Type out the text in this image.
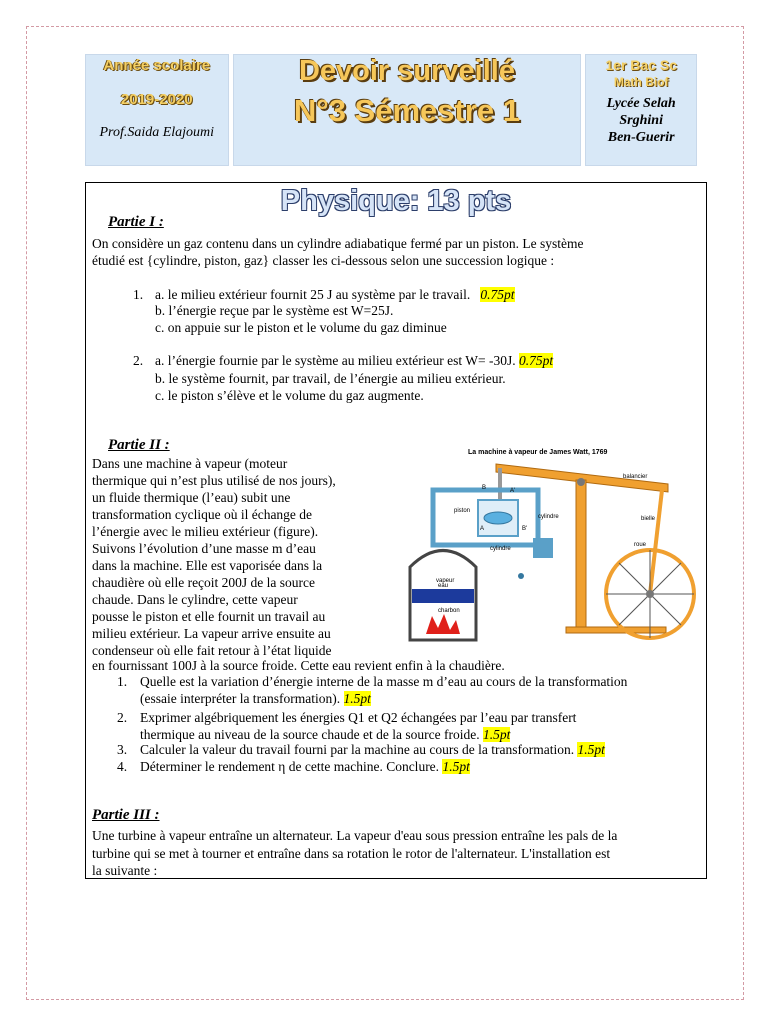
Année scolaire
2019-2020
Prof.Saida Elajoumi
Devoir surveillé
N°3 Sémestre 1
1er Bac Sc
Math Biof
Lycée Selah
Srghini
Ben-Guerir
Physique: 13 pts
Partie I :
On considère un gaz contenu dans un cylindre adiabatique fermé par un piston. Le système
étudié est {cylindre, piston, gaz} classer les ci-dessous selon une succession logique :
1. a. le milieu extérieur fournit 25 J au système par le travail. 0.75pt
b. l’énergie reçue par le système est W=25J.
c. on appuie sur le piston et le volume du gaz diminue
2. a. l’énergie fournie par le système au milieu extérieur est W= -30J. 0.75pt
b. le système fournit, par travail, de l’énergie au milieu extérieur.
c. le piston s’élève et le volume du gaz augmente.
Partie II :
Dans une machine à vapeur (moteur
thermique qui n’est plus utilisé de nos jours),
un fluide thermique (l’eau) subit une
transformation cyclique où il échange de
l’énergie avec le milieu extérieur (figure).
Suivons l’évolution d’une masse m d’eau
dans la machine. Elle est vaporisée dans la
chaudière où elle reçoit 200J de la source
chaude. Dans le cylindre, cette vapeur
pousse le piston et elle fournit un travail au
milieu extérieur. La vapeur arrive ensuite au
condenseur où elle fait retour à l’état liquide
en fournissant 100J à la source froide. Cette eau revient enfin à la chaudière.
1. Quelle est la variation d’énergie interne de la masse m d’eau au cours de la transformation
(essaie interpréter la transformation). 1.5pt
2. Exprimer algébriquement les énergies Q1 et Q2 échangées par l’eau par transfert
thermique au niveau de la source chaude et de la source froide. 1.5pt
3. Calculer la valeur du travail fourni par la machine au cours de la transformation. 1.5pt
4. Déterminer le rendement η de cette machine. Conclure. 1.5pt
La machine à vapeur de James Watt, 1769
balancier
bielle
roue
B	A'
piston
A	B'
cylindre
cylindre
vapeur
eau
charbon
Partie III :
Une turbine à vapeur entraîne un alternateur. La vapeur d'eau sous pression entraîne les pals de la
turbine qui se met à tourner et entraîne dans sa rotation le rotor de l'alternateur. L'installation est
la suivante :
